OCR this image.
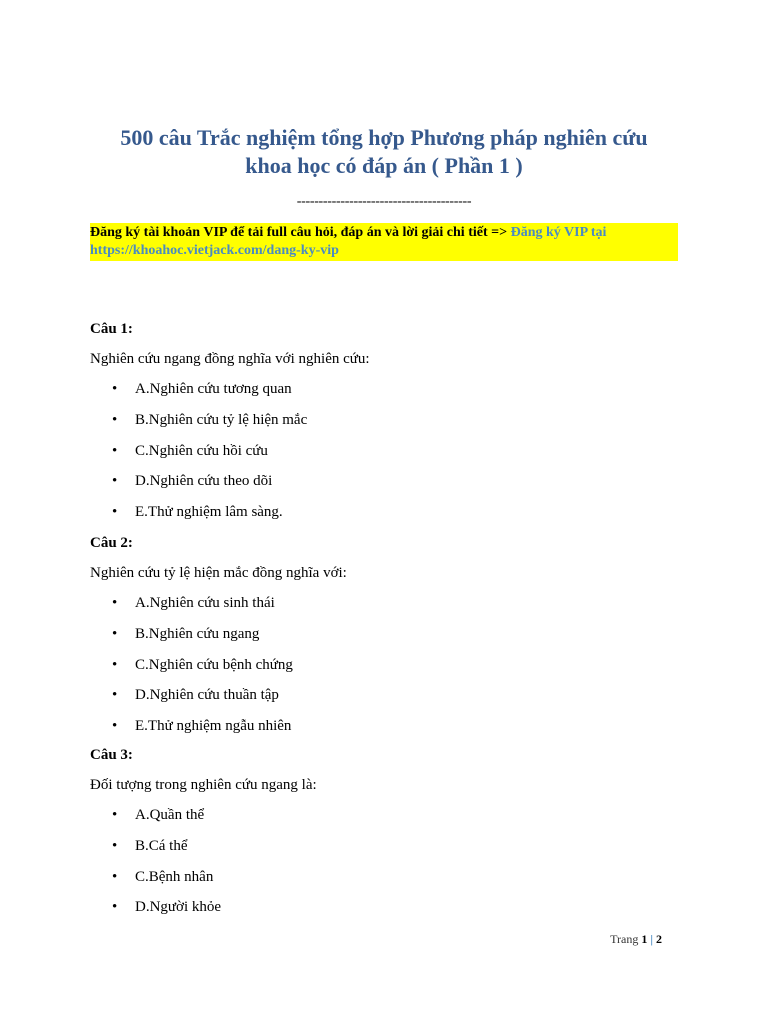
500 câu Trắc nghiệm tổng hợp Phương pháp nghiên cứu
khoa học có đáp án ( Phần 1 )
----------------------------------------
Đăng ký tài khoản VIP để tải full câu hỏi, đáp án và lời giải chi tiết => Đăng ký VIP tại https://khoahoc.vietjack.com/dang-ky-vip
Câu 1:
Nghiên cứu ngang đồng nghĩa với nghiên cứu:
• A.Nghiên cứu tương quan
• B.Nghiên cứu tỷ lệ hiện mắc
• C.Nghiên cứu hồi cứu
• D.Nghiên cứu theo dõi
• E.Thử nghiệm lâm sàng.
Câu 2:
Nghiên cứu tỷ lệ hiện mắc đồng nghĩa với:
• A.Nghiên cứu sinh thái
• B.Nghiên cứu ngang
• C.Nghiên cứu bệnh chứng
• D.Nghiên cứu thuần tập
• E.Thử nghiệm ngẫu nhiên
Câu 3:
Đối tượng trong nghiên cứu ngang là:
• A.Quần thể
• B.Cá thể
• C.Bệnh nhân
• D.Người khỏe
Trang 1 | 2
